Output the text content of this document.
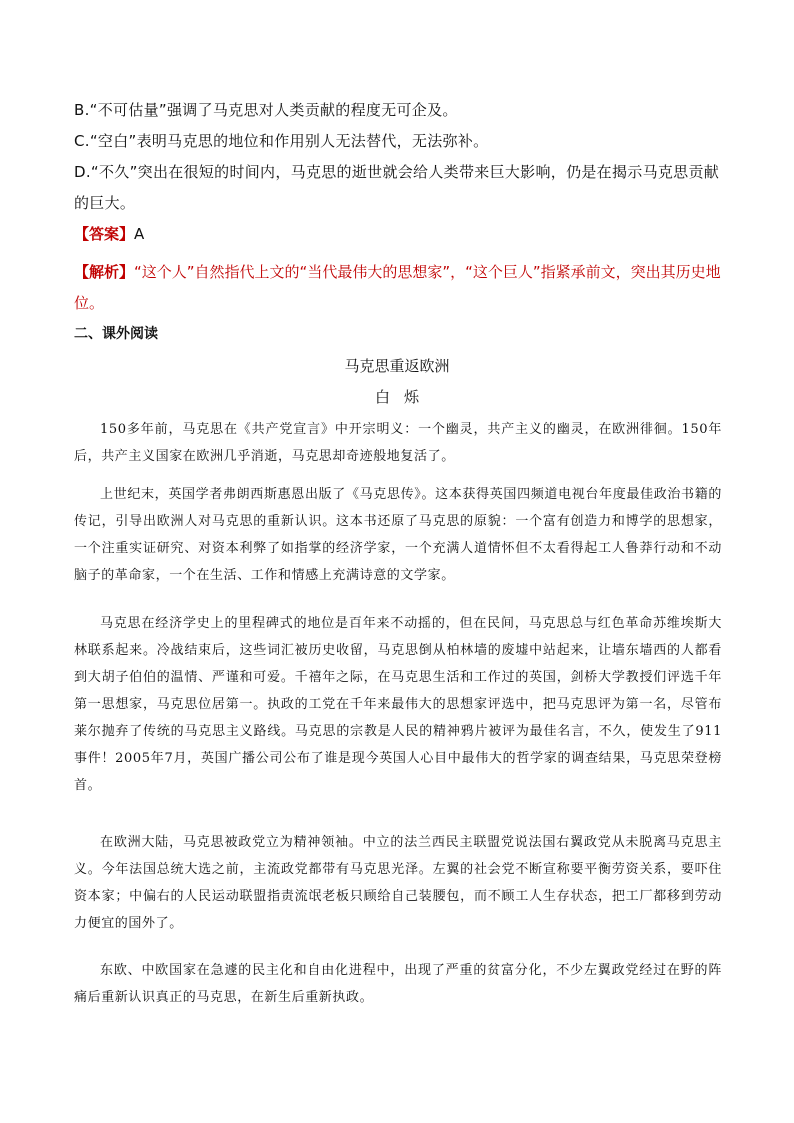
B.“不可估量”强调了马克思对人类贡献的程度无可企及。

C.“空白”表明马克思的地位和作用别人无法替代，无法弥补。

D.“不久”突出在很短的时间内，马克思的逝世就会给人类带来巨大影响，仍是在揭示马克思贡献的巨大。

【答案】A

【解析】“这个人”自然指代上文的“当代最伟大的思想家”，“这个巨人”指紧承前文，突出其历史地位。

二、课外阅读

马克思重返欧洲

白烁

150多年前，马克思在《共产党宣言》中开宗明义：一个幽灵，共产主义的幽灵，在欧洲徘徊。150年后，共产主义国家在欧洲几乎消逝，马克思却奇迹般地复活了。

上世纪末，英国学者弗朗西斯惠恩出版了《马克思传》。这本获得英国四频道电视台年度最佳政治书籍的传记，引导出欧洲人对马克思的重新认识。这本书还原了马克思的原貌：一个富有创造力和博学的思想家，一个注重实证研究、对资本利弊了如指掌的经济学家，一个充满人道情怀但不太看得起工人鲁莽行动和不动脑子的革命家，一个在生活、工作和情感上充满诗意的文学家。

马克思在经济学史上的里程碑式的地位是百年来不动摇的，但在民间，马克思总与红色革命苏维埃斯大林联系起来。冷战结束后，这些词汇被历史收留，马克思倒从柏林墙的废墟中站起来，让墙东墙西的人都看到大胡子伯伯的温情、严谨和可爱。千禧年之际，在马克思生活和工作过的英国，剑桥大学教授们评选千年第一思想家，马克思位居第一。执政的工党在千年来最伟大的思想家评选中，把马克思评为第一名，尽管布莱尔抛弃了传统的马克思主义路线。马克思的宗教是人民的精神鸦片被评为最佳名言，不久，使发生了911事件！2005年7月，英国广播公司公布了谁是现今英国人心目中最伟大的哲学家的调查结果，马克思荣登榜首。

在欧洲大陆，马克思被政党立为精神领袖。中立的法兰西民主联盟党说法国右翼政党从未脱离马克思主义。今年法国总统大选之前，主流政党都带有马克思光泽。左翼的社会党不断宣称要平衡劳资关系，要吓住资本家；中偏右的人民运动联盟指责流氓老板只顾给自己装腰包，而不顾工人生存状态，把工厂都移到劳动力便宜的国外了。

东欧、中欧国家在急遽的民主化和自由化进程中，出现了严重的贫富分化，不少左翼政党经过在野的阵痛后重新认识真正的马克思，在新生后重新执政。
